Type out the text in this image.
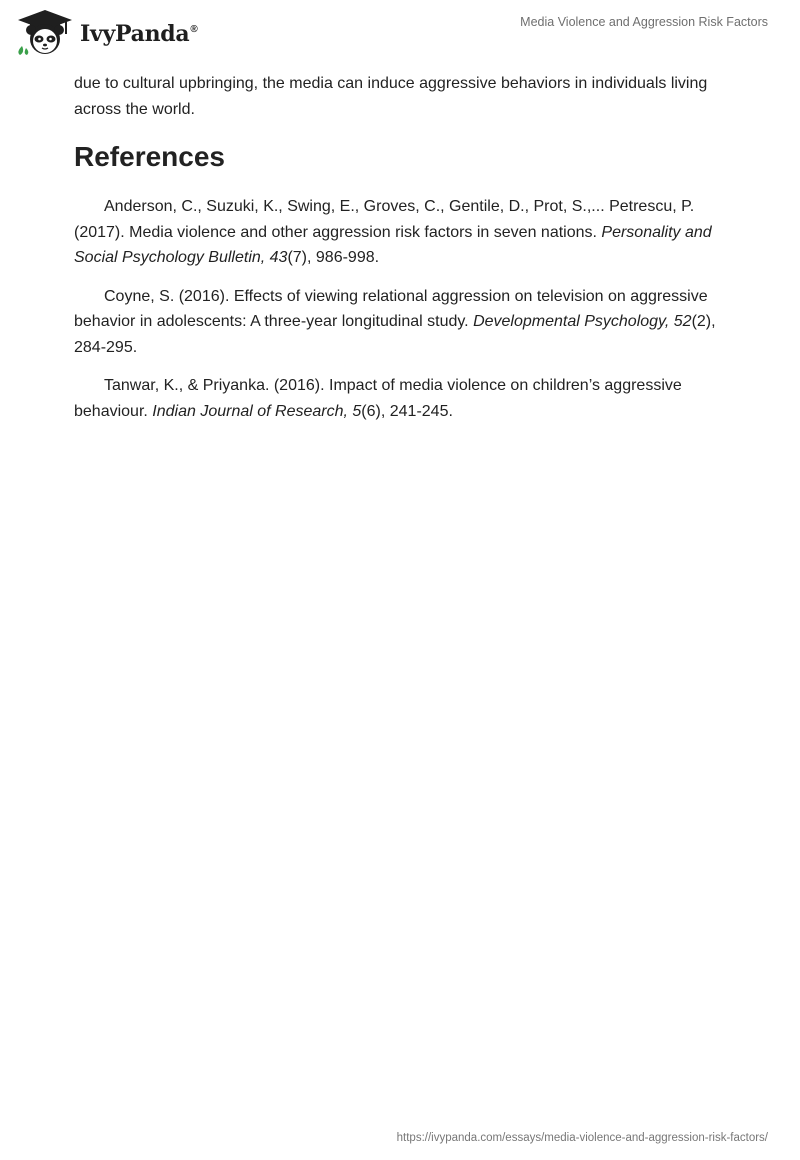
IvyPanda®
Media Violence and Aggression Risk Factors

due to cultural upbringing, the media can induce aggressive behaviors in individuals living across the world.

References

Anderson, C., Suzuki, K., Swing, E., Groves, C., Gentile, D., Prot, S.,... Petrescu, P. (2017). Media violence and other aggression risk factors in seven nations. Personality and Social Psychology Bulletin, 43(7), 986-998.

Coyne, S. (2016). Effects of viewing relational aggression on television on aggressive behavior in adolescents: A three-year longitudinal study. Developmental Psychology, 52(2), 284-295.

Tanwar, K., & Priyanka. (2016). Impact of media violence on children’s aggressive behaviour. Indian Journal of Research, 5(6), 241-245.

https://ivypanda.com/essays/media-violence-and-aggression-risk-factors/
